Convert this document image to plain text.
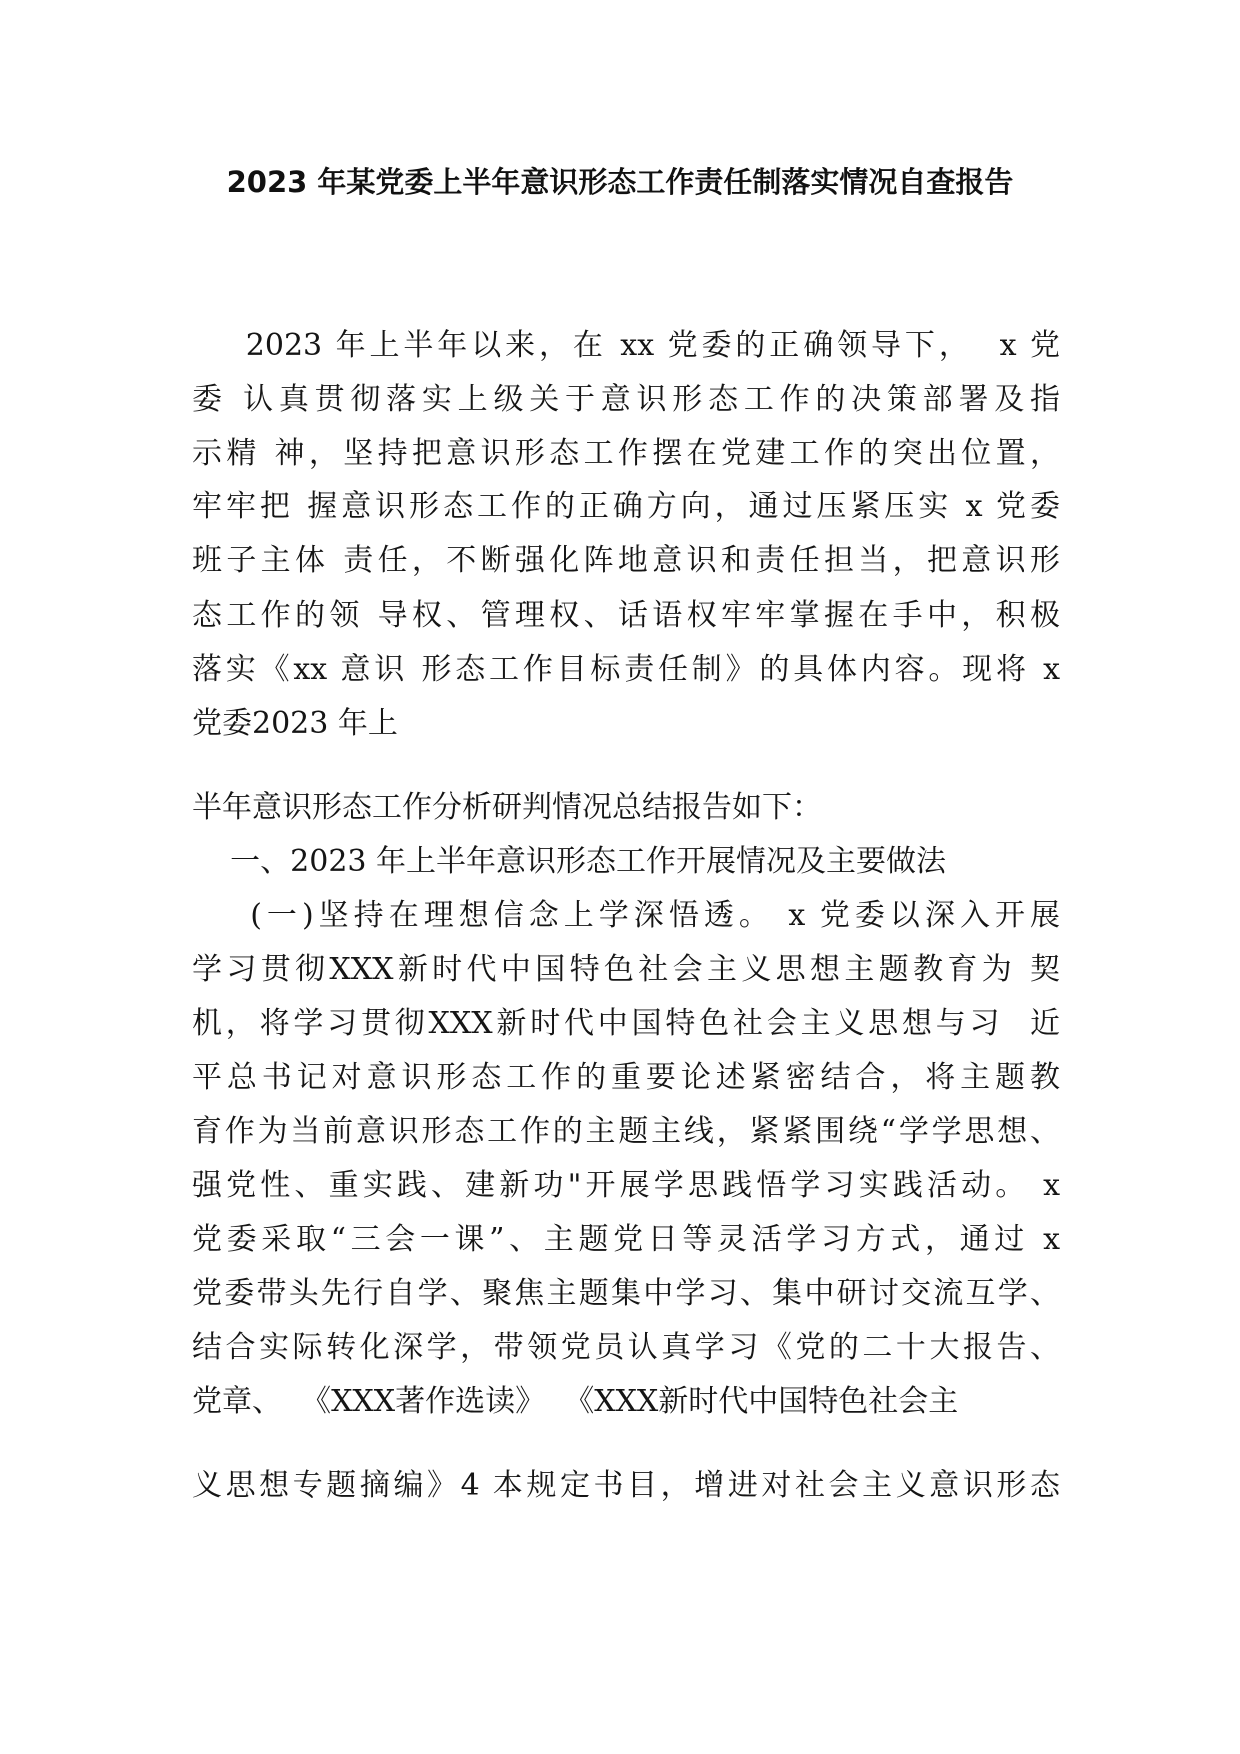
2023 年某党委上半年意识形态工作责任制落实情况自查报告
2023 年上半年以来，在 xx 党委的正确领导下，  x 党
委 认真贯彻落实上级关于意识形态工作的决策部署及指
示精 神，坚持把意识形态工作摆在党建工作的突出位置，
牢牢把 握意识形态工作的正确方向，通过压紧压实 x 党委
班子主体 责任，不断强化阵地意识和责任担当，把意识形
态工作的领 导权、管理权、话语权牢牢掌握在手中，积极
落实《xx 意识 形态工作目标责任制》的具体内容。现将 x
党委2023 年上
半年意识形态工作分析研判情况总结报告如下：
一、2023 年上半年意识形态工作开展情况及主要做法
(一)坚持在理想信念上学深悟透。 x 党委以深入开展
学习贯彻XXX新时代中国特色社会主义思想主题教育为 契
机，将学习贯彻XXX新时代中国特色社会主义思想与习  近
平总书记对意识形态工作的重要论述紧密结合，将主题教
育作为当前意识形态工作的主题主线，紧紧围绕“学学思想、
强党性、重实践、建新功"开展学思践悟学习实践活动。 x
党委采取“三会一课”、主题党日等灵活学习方式，通过 x
党委带头先行自学、聚焦主题集中学习、集中研讨交流互学、
结合实际转化深学，带领党员认真学习《党的二十大报告、
党章、  《XXX著作选读》  《XXX新时代中国特色社会主
义思想专题摘编》4 本规定书目，增进对社会主义意识形态
